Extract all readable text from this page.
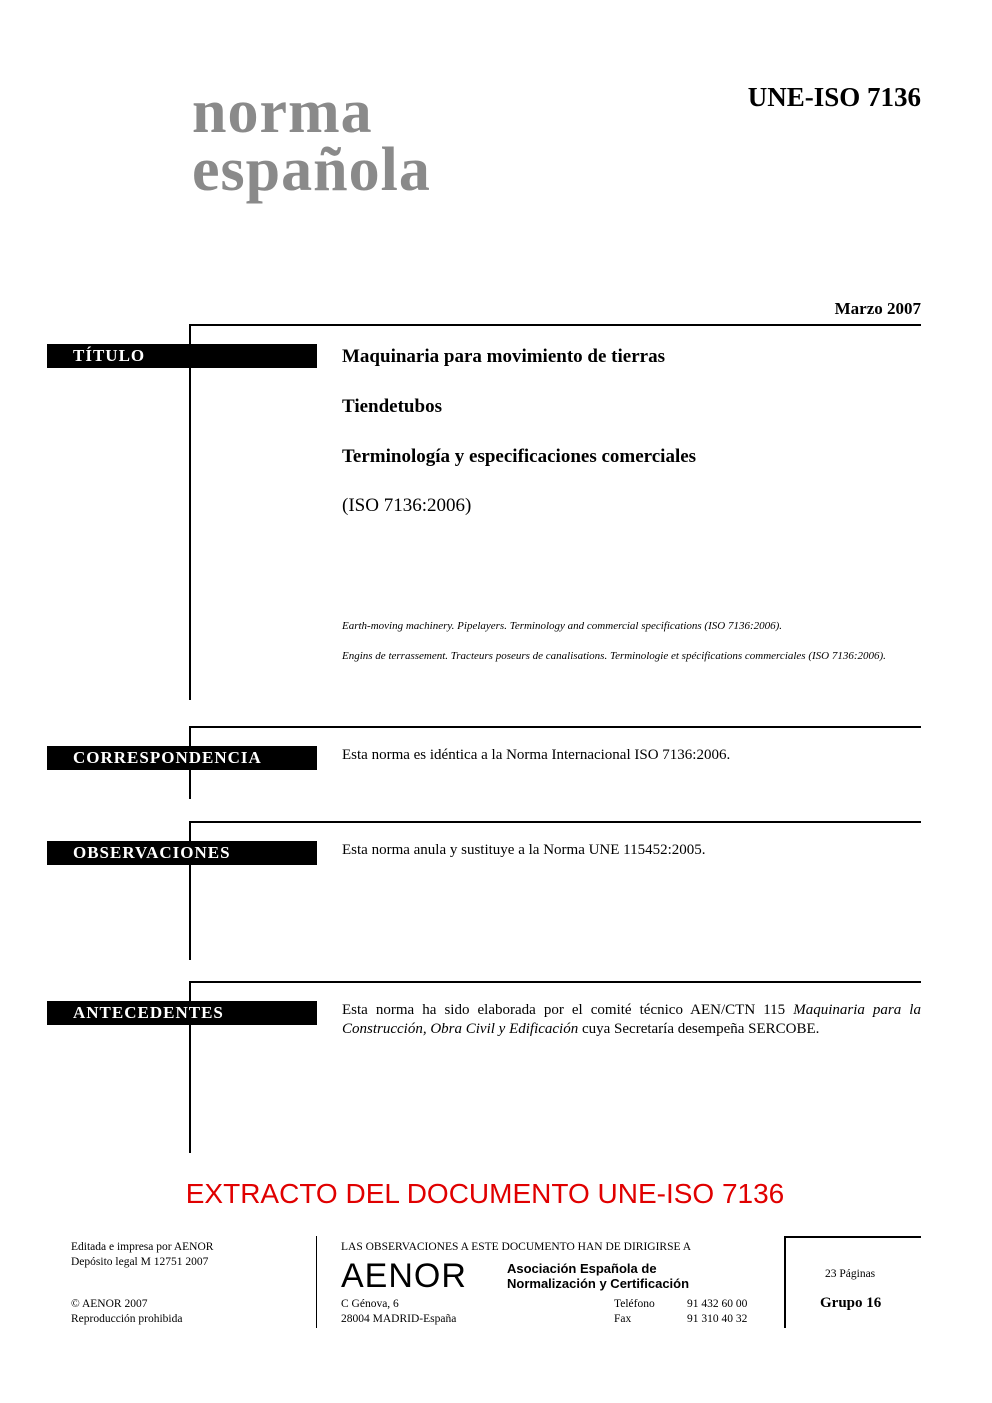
norma
española
UNE-ISO 7136
Marzo 2007
TÍTULO	Maquinaria para movimiento de tierras
Tiendetubos
Terminología y especificaciones comerciales
(ISO 7136:2006)
Earth-moving machinery. Pipelayers. Terminology and commercial specifications (ISO 7136:2006).
Engins de terrassement. Tracteurs poseurs de canalisations. Terminologie et spécifications commerciales (ISO 7136:2006).
CORRESPONDENCIA	Esta norma es idéntica a la Norma Internacional ISO 7136:2006.
OBSERVACIONES	Esta norma anula y sustituye a la Norma UNE 115452:2005.
ANTECEDENTES	Esta norma ha sido elaborada por el comité técnico AEN/CTN 115 Maquinaria para la Construcción, Obra Civil y Edificación cuya Secretaría desempeña SERCOBE.
EXTRACTO DEL DOCUMENTO UNE-ISO 7136
Editada e impresa por AENOR
Depósito legal M 12751 2007
© AENOR 2007
Reproducción prohibida
LAS OBSERVACIONES A ESTE DOCUMENTO HAN DE DIRIGIRSE A
AENOR	Asociación Española de
Normalización y Certificación
C Génova, 6
28004 MADRID-España
Teléfono	91 432 60 00
Fax	91 310 40 32
23 Páginas
Grupo 16
